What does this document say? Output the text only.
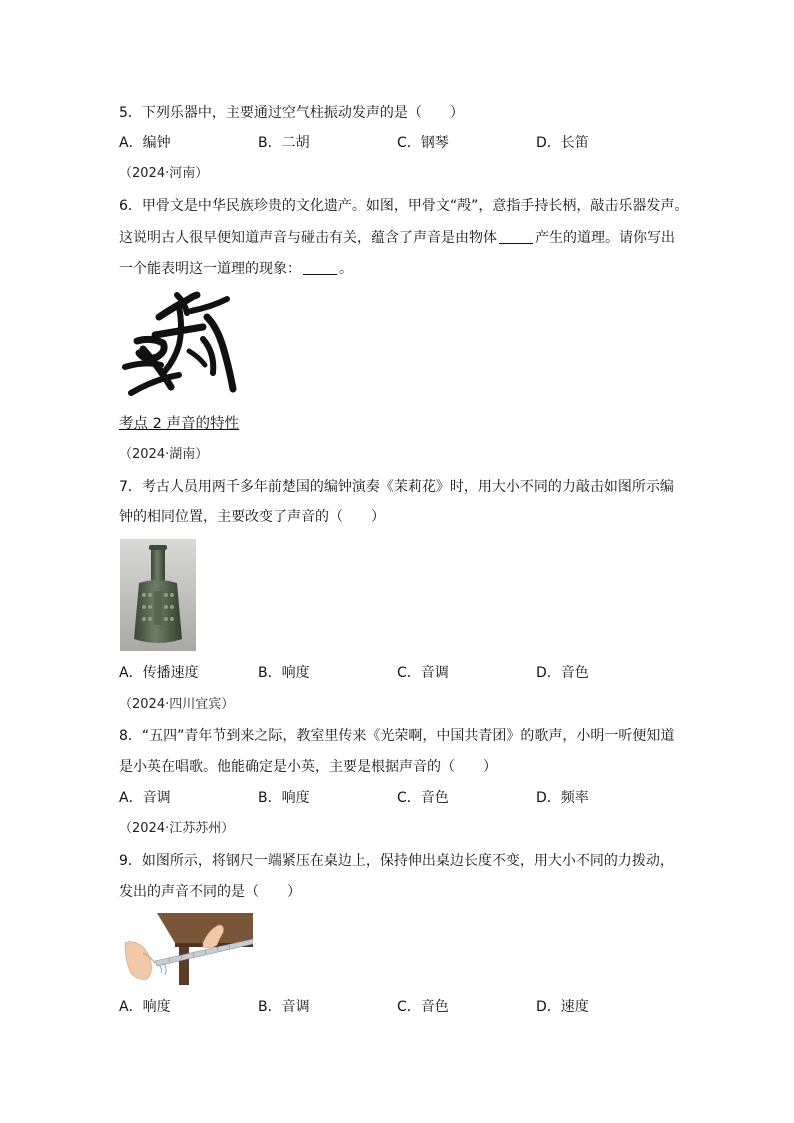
5．下列乐器中，主要通过空气柱振动发声的是（　　）
A．编钟	B．二胡	C．钢琴	D．长笛
（2024·河南）
6．甲骨文是中华民族珍贵的文化遗产。如图，甲骨文“殸”，意指手持长柄，敲击乐器发声。
这说明古人很早便知道声音与碰击有关，蕴含了声音是由物体	产生的道理。请你写出
一个能表明这一道理的现象：	。
考点 2 声音的特性
（2024·湖南）
7．考古人员用两千多年前楚国的编钟演奏《茉莉花》时，用大小不同的力敲击如图所示编
钟的相同位置，主要改变了声音的（　　）
A．传播速度	B．响度	C．音调	D．音色
（2024·四川宜宾）
8．“五四”青年节到来之际，教室里传来《光荣啊，中国共青团》的歌声，小明一听便知道
是小英在唱歌。他能确定是小英，主要是根据声音的（　　）
A．音调	B．响度	C．音色	D．频率
（2024·江苏苏州）
9．如图所示，将钢尺一端紧压在桌边上，保持伸出桌边长度不变，用大小不同的力拨动，
发出的声音不同的是（　　）
A．响度	B．音调	C．音色	D．速度
